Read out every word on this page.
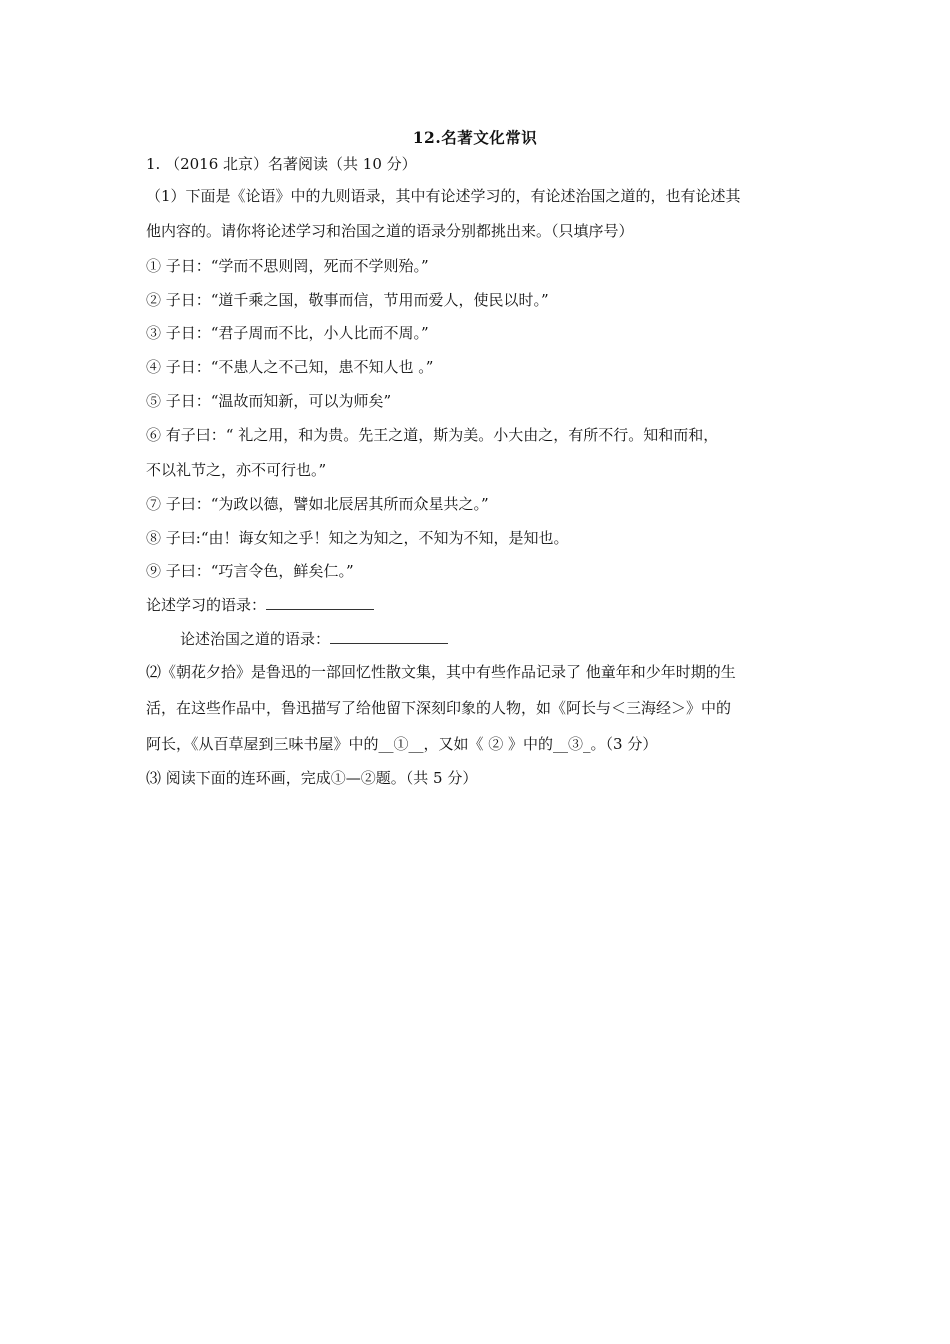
12.名著文化常识
1. （2016 北京）名著阅读（共 10 分）
（1）下面是《论语》中的九则语录，其中有论述学习的，有论述治国之道的，也有论述其
他内容的。请你将论述学习和治国之道的语录分别都挑出来。（只填序号）
① 子日：“学而不思则罔，死而不学则殆。”
② 子日：“道千乘之国，敬事而信，节用而爱人，使民以时。”
③ 子日：“君子周而不比，小人比而不周。”
④ 子日：“不患人之不己知，患不知人也 。”
⑤ 子日：“温故而知新，可以为师矣”
⑥ 有子曰：“ 礼之用，和为贵。先王之道，斯为美。小大由之，有所不行。知和而和，
不以礼节之，亦不可行也。”
⑦ 子曰：“为政以德，譬如北辰居其所而众星共之。”
⑧ 子曰:“由！诲女知之乎！知之为知之，不知为不知，是知也。
⑨ 子曰：“巧言令色，鲜矣仁。”
论述学习的语录：
论述治国之道的语录：
⑵《朝花夕拾》是鲁迅的一部回忆性散文集，其中有些作品记录了 他童年和少年时期的生
活，在这些作品中，鲁迅描写了给他留下深刻印象的人物，如《阿长与＜三海经＞》中的
阿长，《从百草屋到三味书屋》中的__①__，又如《 ② 》中的__③_。（3 分）
⑶ 阅读下面的连环画，完成①—②题。（共 5 分）
